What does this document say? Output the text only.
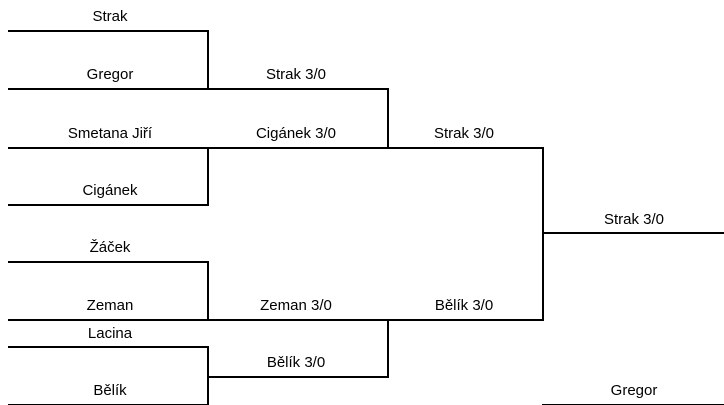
Strak
Gregor
Smetana Jiří
Cigánek
Žáček
Zeman
Lacina
Bělík
Strak 3/0
Cigánek 3/0
Zeman 3/0
Bělík 3/0
Strak 3/0
Bělík 3/0
Strak 3/0
Gregor
